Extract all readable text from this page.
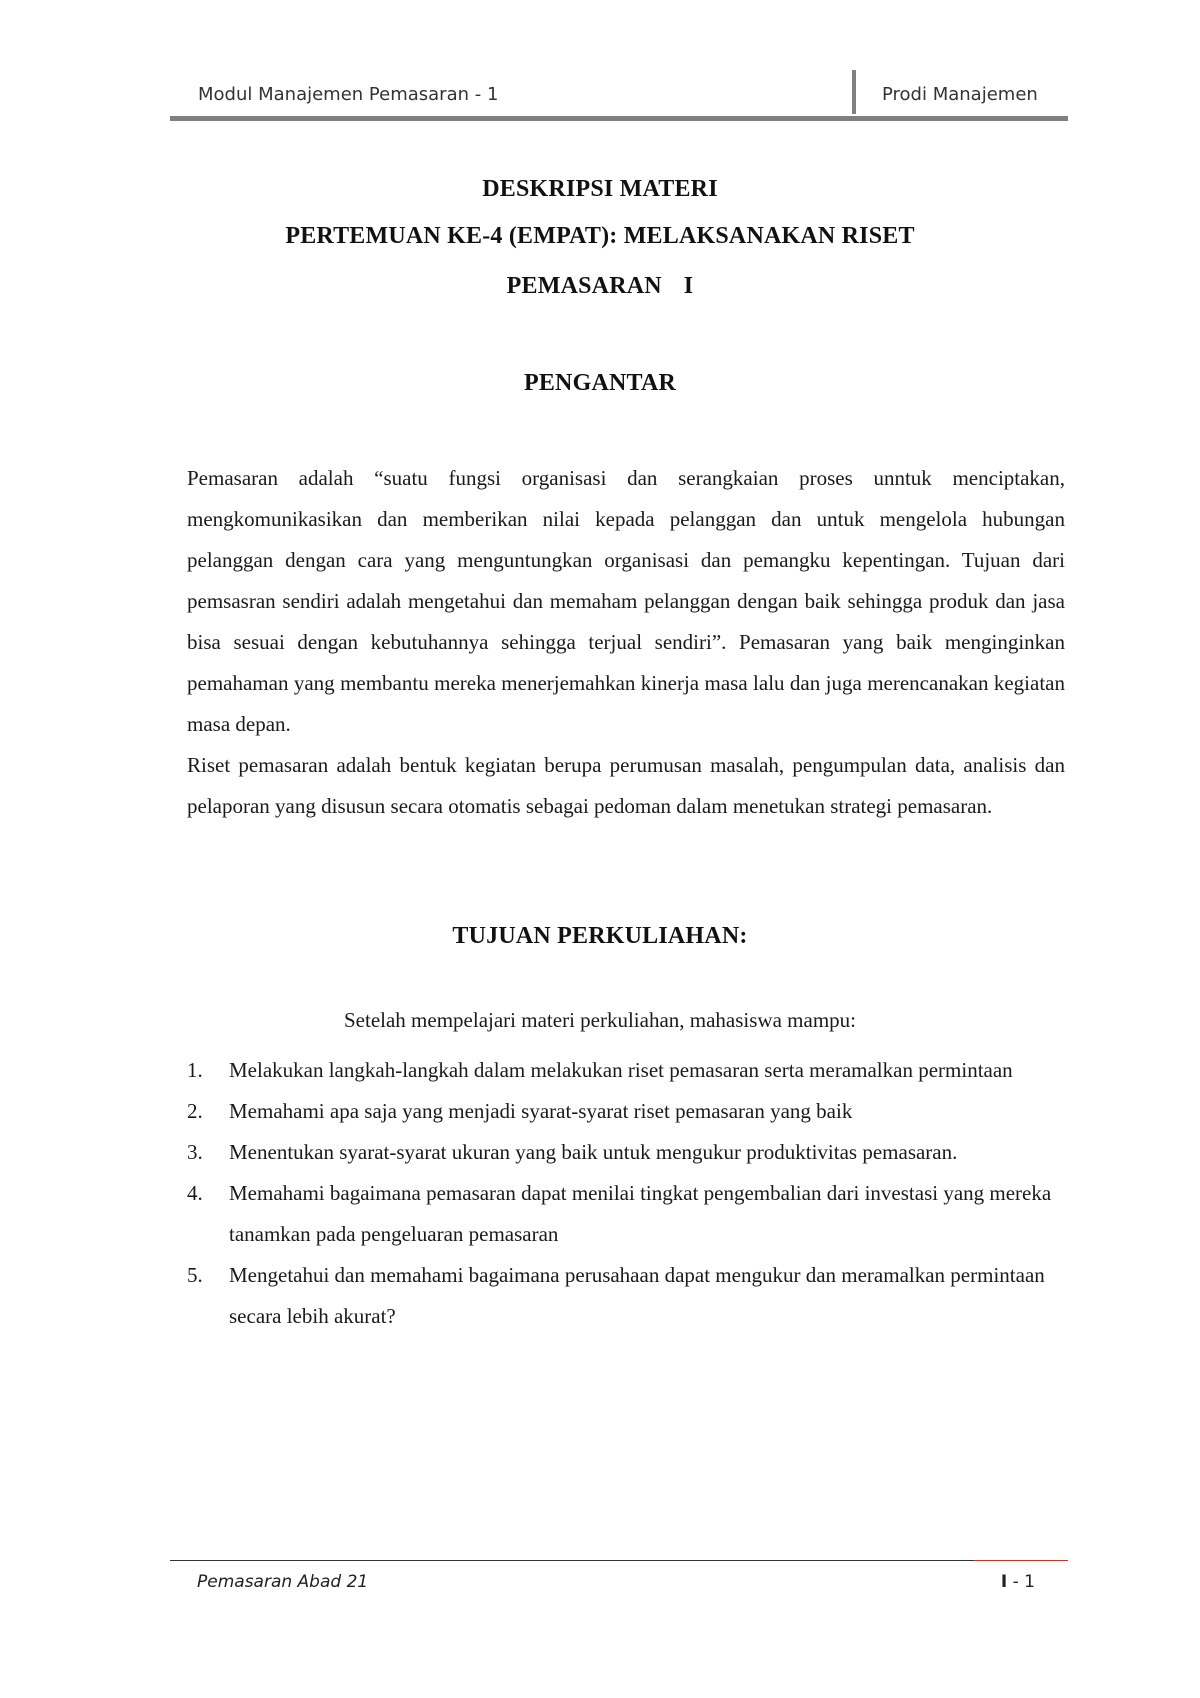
Modul Manajemen Pemasaran - 1	Prodi Manajemen
DESKRIPSI MATERI
PERTEMUAN KE-4 (EMPAT): MELAKSANAKAN RISET
PEMASARAN I
PENGANTAR

Pemasaran adalah “suatu fungsi organisasi dan serangkaian proses unntuk menciptakan, mengkomunikasikan dan memberikan nilai kepada pelanggan dan untuk mengelola hubungan pelanggan dengan cara yang menguntungkan organisasi dan pemangku kepentingan. Tujuan dari pemsasran sendiri adalah mengetahui dan memaham pelanggan dengan baik sehingga produk dan jasa bisa sesuai dengan kebutuhannya sehingga terjual sendiri”. Pemasaran yang baik menginginkan pemahaman yang membantu mereka menerjemahkan kinerja masa lalu dan juga merencanakan kegiatan masa depan.

Riset pemasaran adalah bentuk kegiatan berupa perumusan masalah, pengumpulan data, analisis dan pelaporan yang disusun secara otomatis sebagai pedoman dalam menetukan strategi pemasaran.

TUJUAN PERKULIAHAN:
Setelah mempelajari materi perkuliahan, mahasiswa mampu:
1. Melakukan langkah-langkah dalam melakukan riset pemasaran serta meramalkan permintaan
2. Memahami apa saja yang menjadi syarat-syarat riset pemasaran yang baik
3. Menentukan syarat-syarat ukuran yang baik untuk mengukur produktivitas pemasaran.
4. Memahami bagaimana pemasaran dapat menilai tingkat pengembalian dari investasi yang mereka tanamkan pada pengeluaran pemasaran
5. Mengetahui dan memahami bagaimana perusahaan dapat mengukur dan meramalkan permintaan secara lebih akurat?
Pemasaran Abad 21	I - 1
